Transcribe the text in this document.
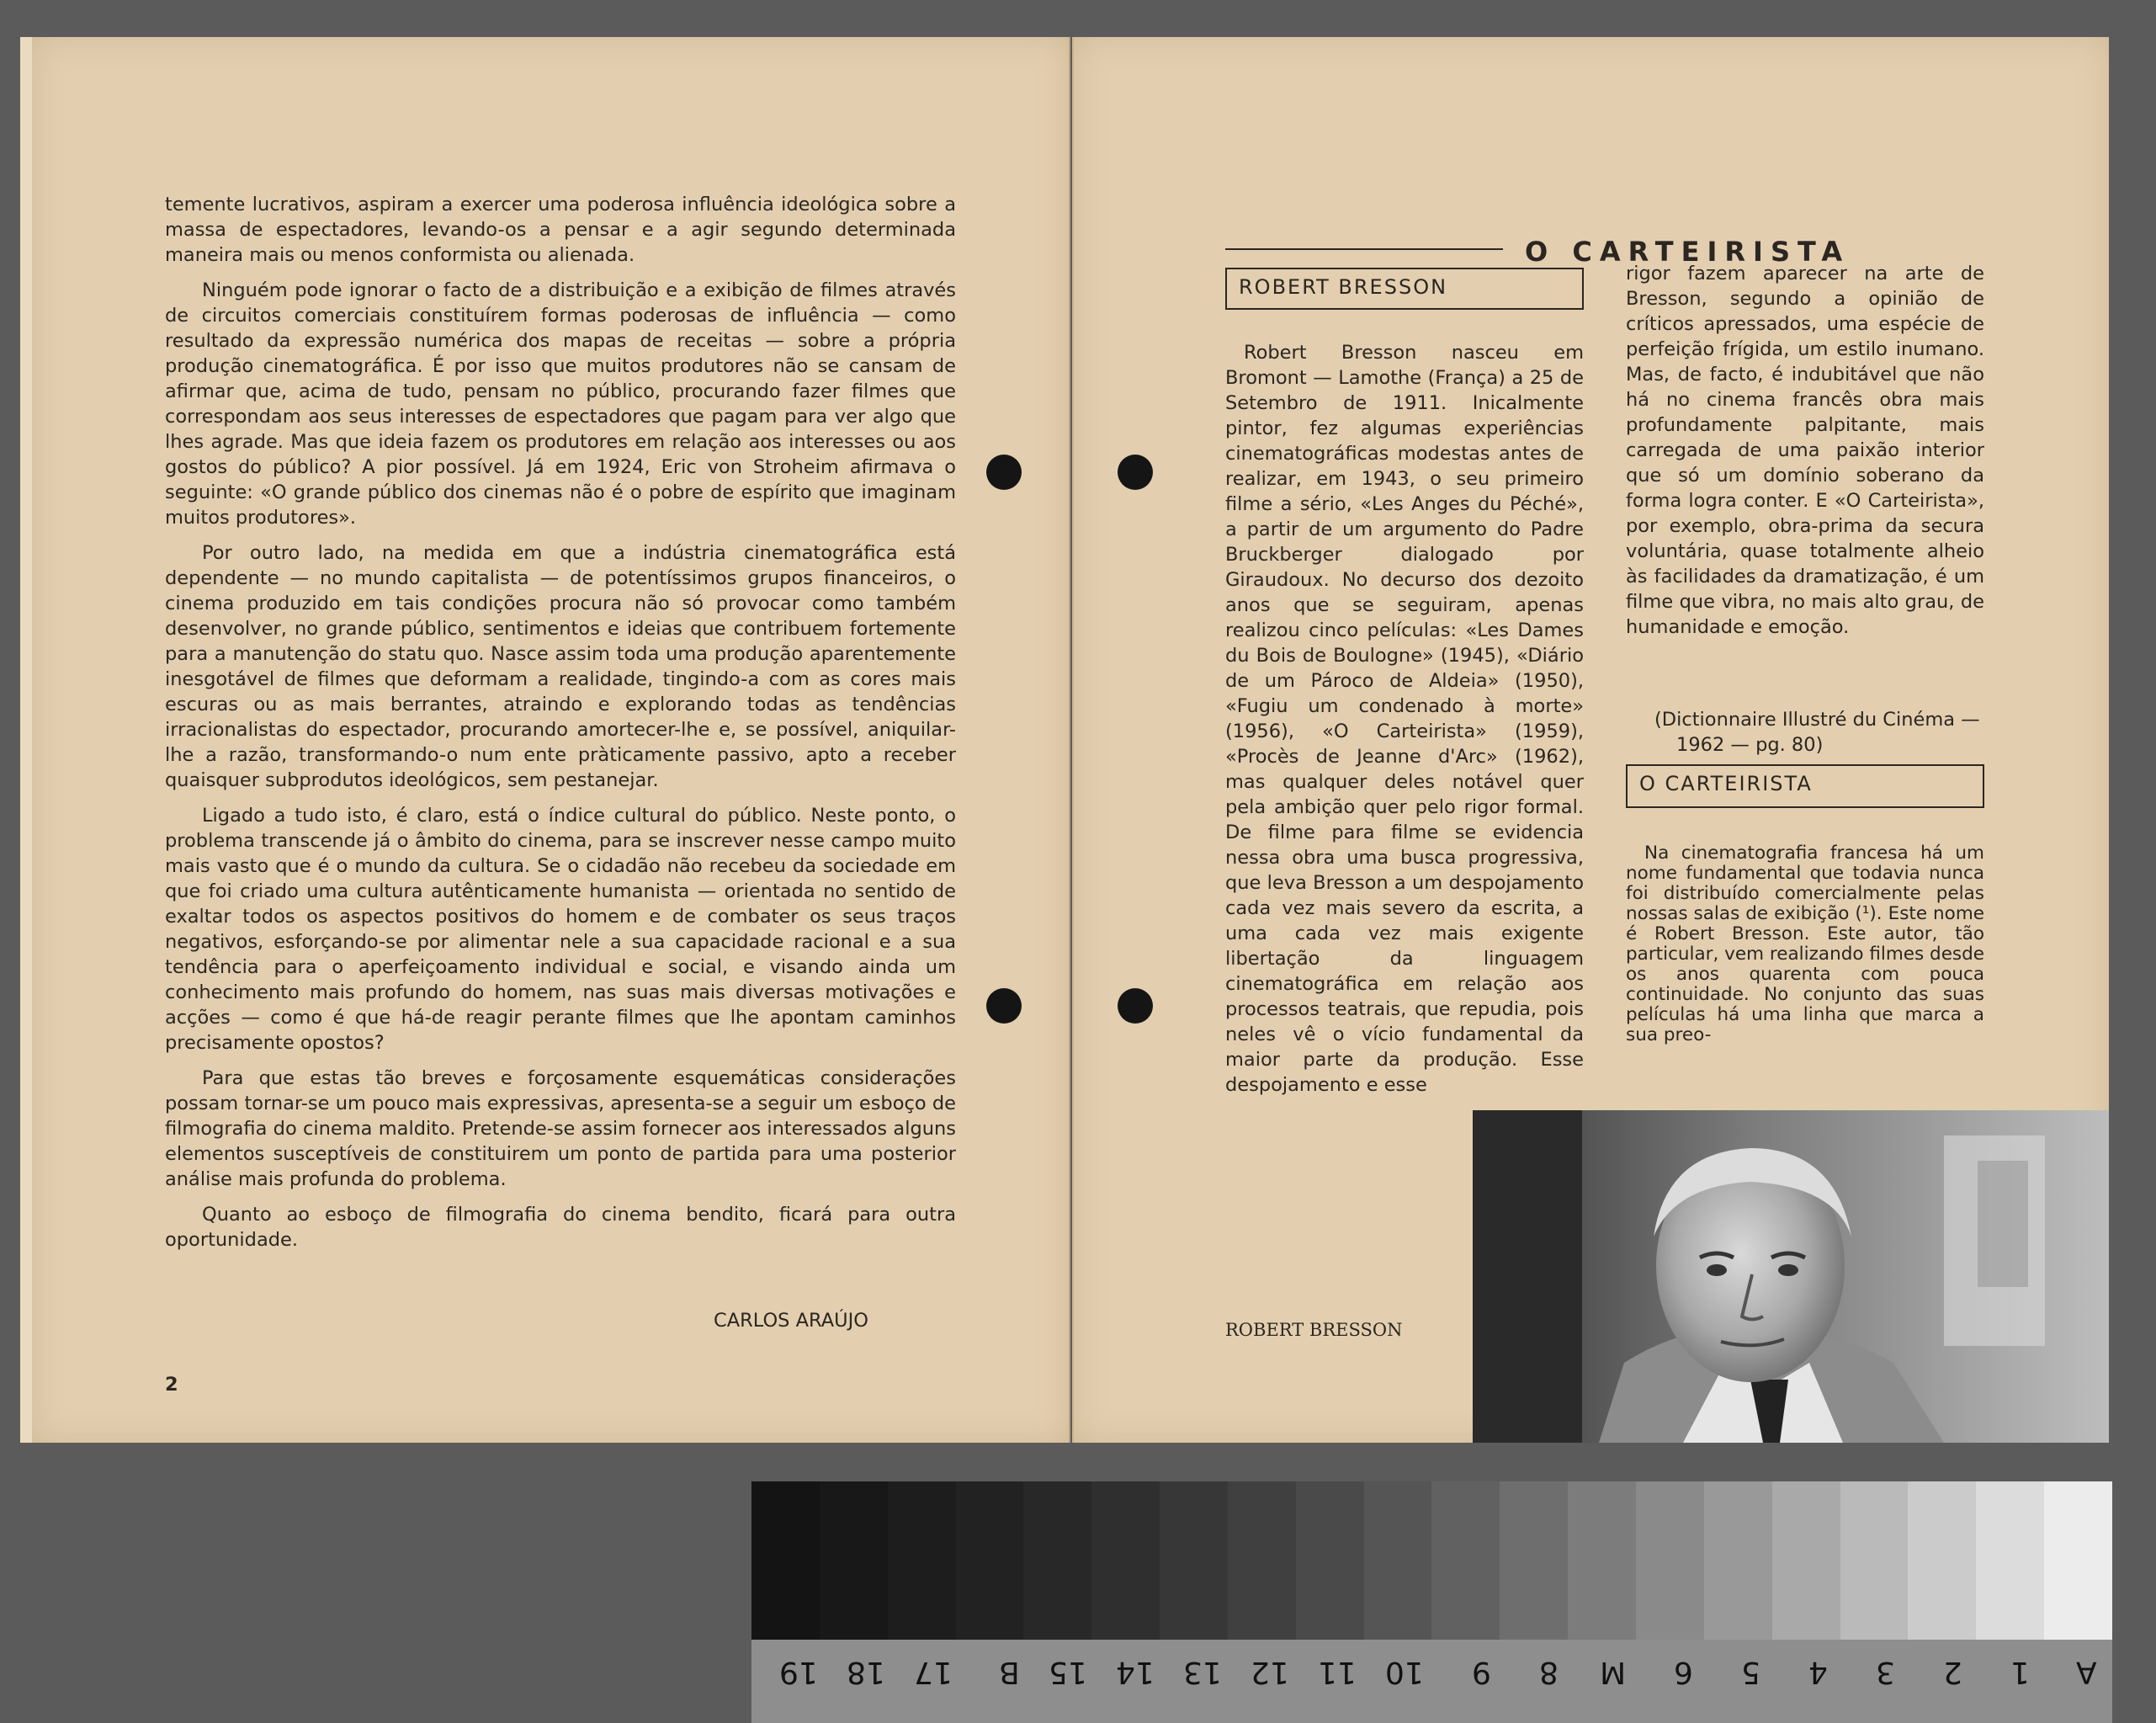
temente lucrativos, aspiram a exercer uma poderosa influência ideológica sobre a massa de espectadores, levando-os a pensar e a agir segundo determinada maneira mais ou menos conformista ou alienada.

Ninguém pode ignorar o facto de a distribuição e a exibição de filmes através de circuitos comerciais constituírem formas poderosas de influência — como resultado da expressão numérica dos mapas de receitas — sobre a própria produção cinematográfica. É por isso que muitos produtores não se cansam de afirmar que, acima de tudo, pensam no público, procurando fazer filmes que correspondam aos seus interesses de espectadores que pagam para ver algo que lhes agrade. Mas que ideia fazem os produtores em relação aos interesses ou aos gostos do público? A pior possível. Já em 1924, Eric von Stroheim afirmava o seguinte: «O grande público dos cinemas não é o pobre de espírito que imaginam muitos produtores».

Por outro lado, na medida em que a indústria cinematográfica está dependente — no mundo capitalista — de potentíssimos grupos financeiros, o cinema produzido em tais condições procura não só provocar como também desenvolver, no grande público, sentimentos e ideias que contribuem fortemente para a manutenção do statu quo. Nasce assim toda uma produção aparentemente inesgotável de filmes que deformam a realidade, tingindo-a com as cores mais escuras ou as mais berrantes, atraindo e explorando todas as tendências irracionalistas do espectador, procurando amortecer-lhe e, se possível, aniquilar-lhe a razão, transformando-o num ente pràticamente passivo, apto a receber quaisquer subprodutos ideológicos, sem pestanejar.

Ligado a tudo isto, é claro, está o índice cultural do público. Neste ponto, o problema transcende já o âmbito do cinema, para se inscrever nesse campo muito mais vasto que é o mundo da cultura. Se o cidadão não recebeu da sociedade em que foi criado uma cultura autênticamente humanista — orientada no sentido de exaltar todos os aspectos positivos do homem e de combater os seus traços negativos, esforçando-se por alimentar nele a sua capacidade racional e a sua tendência para o aperfeiçoamento individual e social, e visando ainda um conhecimento mais profundo do homem, nas suas mais diversas motivações e acções — como é que há-de reagir perante filmes que lhe apontam caminhos precisamente opostos?

Para que estas tão breves e forçosamente esquemáticas considerações possam tornar-se um pouco mais expressivas, apresenta-se a seguir um esboço de filmografia do cinema maldito. Pretende-se assim fornecer aos interessados alguns elementos susceptíveis de constituirem um ponto de partida para uma posterior análise mais profunda do problema.

Quanto ao esboço de filmografia do cinema bendito, ficará para outra oportunidade.

CARLOS ARAÚJO
2
O CARTEIRISTA
ROBERT BRESSON

Robert Bresson nasceu em Bromont — Lamothe (França) a 25 de Setembro de 1911. Inicalmente pintor, fez algumas experiências cinematográficas modestas antes de realizar, em 1943, o seu primeiro filme a sério, «Les Anges du Péché», a partir de um argumento do Padre Bruckberger dialogado por Giraudoux. No decurso dos dezoito anos que se seguiram, apenas realizou cinco películas: «Les Dames du Bois de Boulogne» (1945), «Diário de um Pároco de Aldeia» (1950), «Fugiu um condenado à morte» (1956), «O Carteirista» (1959), «Procès de Jeanne d'Arc» (1962), mas qualquer deles notável quer pela ambição quer pelo rigor formal. De filme para filme se evidencia nessa obra uma busca progressiva, que leva Bresson a um despojamento cada vez mais severo da escrita, a uma cada vez mais exigente libertação da linguagem cinematográfica em relação aos processos teatrais, que repudia, pois neles vê o vício fundamental da maior parte da produção. Esse despojamento e esse

rigor fazem aparecer na arte de Bresson, segundo a opinião de críticos apressados, uma espécie de perfeição frígida, um estilo inumano. Mas, de facto, é indubitável que não há no cinema francês obra mais profundamente palpitante, mais carregada de uma paixão interior que só um domínio soberano da forma logra conter. E «O Carteirista», por exemplo, obra-prima da secura voluntária, quase totalmente alheio às facilidades da dramatização, é um filme que vibra, no mais alto grau, de humanidade e emoção.

(Dictionnaire Illustré du Cinéma —
1962 — pg. 80)
O CARTEIRISTA

Na cinematografia francesa há um nome fundamental que todavia nunca foi distribuído comercialmente pelas nossas salas de exibição (¹). Este nome é Robert Bresson. Este autor, tão particular, vem realizando filmes desde os anos quarenta com pouca continuidade. No conjunto das suas películas há uma linha que marca a sua preo-

ROBERT BRESSON
A
1
2
3
4
5
6
M
8
9
10
11
12
13
14
15
B
17
18
19
